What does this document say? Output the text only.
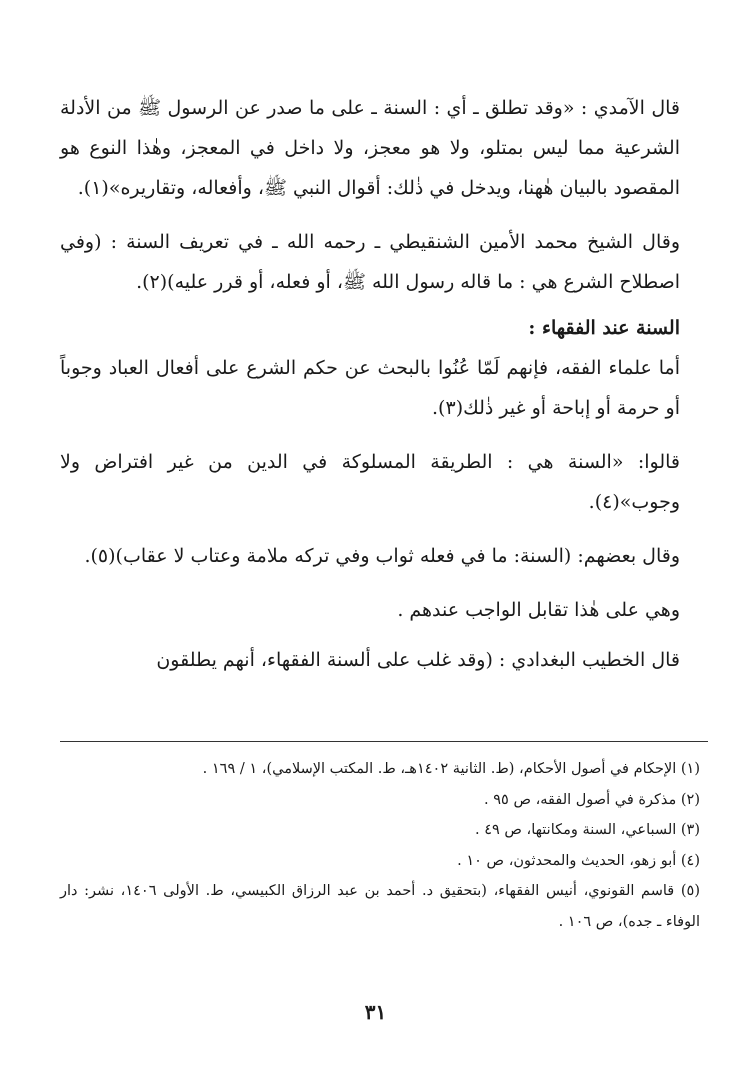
قال الآمدي : «وقد تطلق ـ أي : السنة ـ على ما صدر عن الرسول ﷺ من الأدلة الشرعية مما ليس بمتلو، ولا هو معجز، ولا داخل في المعجز، وهٰذا النوع هو المقصود بالبيان هٰهنا، ويدخل في ذٰلك: أقوال النبي ﷺ، وأفعاله، وتقاريره»(١).

وقال الشيخ محمد الأمين الشنقيطي ـ رحمه الله ـ في تعريف السنة : (وفي اصطلاح الشرع هي : ما قاله رسول الله ﷺ، أو فعله، أو قرر عليه)(٢).

السنة عند الفقهاء :

أما علماء الفقه، فإنهم لَمّا عُنُوا بالبحث عن حكم الشرع على أفعال العباد وجوباً أو حرمة أو إباحة أو غير ذٰلك(٣).

قالوا: «السنة هي : الطريقة المسلوكة في الدين من غير افتراض ولا وجوب»(٤).

وقال بعضهم: (السنة: ما في فعله ثواب وفي تركه ملامة وعتاب لا عقاب)(٥).

وهي على هٰذا تقابل الواجب عندهم .

قال الخطيب البغدادي : (وقد غلب على ألسنة الفقهاء، أنهم يطلقون

(١) الإحكام في أصول الأحكام، (ط. الثانية ١٤٠٢هـ، ط. المكتب الإسلامي)، ١ / ١٦٩ .

(٢) مذكرة في أصول الفقه، ص ٩٥ .

(٣) السباعي، السنة ومكانتها، ص ٤٩ .

(٤) أبو زهو، الحديث والمحدثون، ص ١٠ .

(٥) قاسم القونوي، أنيس الفقهاء، (بتحقيق د. أحمد بن عبد الرزاق الكبيسي، ط. الأولى ١٤٠٦، نشر: دار الوفاء ـ جده)، ص ١٠٦ .

٣١
